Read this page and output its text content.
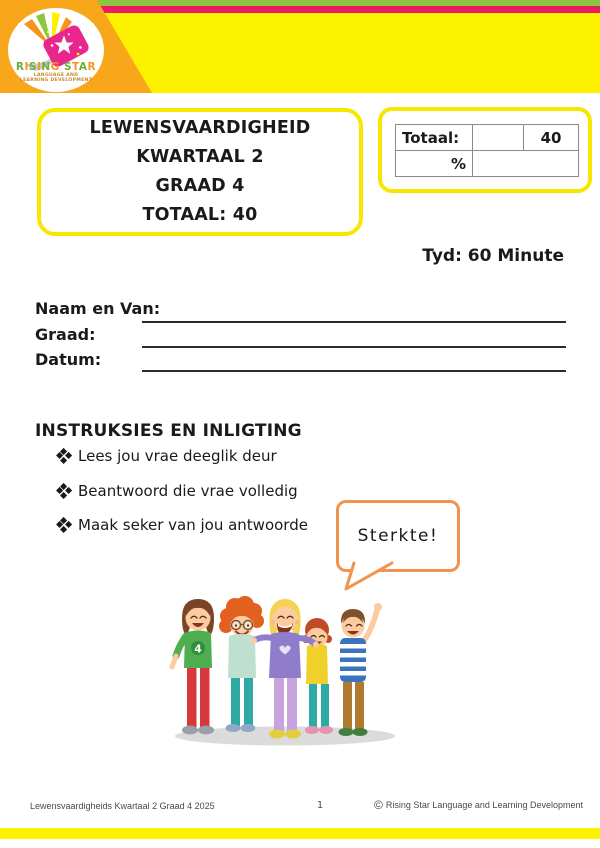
RISING STAR
LANGUAGE AND
LEARNING DEVELOPMENT
LEWENSVAARDIGHEID
KWARTAAL 2
GRAAD 4
TOTAAL: 40
Totaal:		40
%		
Tyd: 60 Minute
Naam en Van:
Graad:
Datum:
INSTRUKSIES EN INLIGTING
Lees jou vrae deeglik deur
Beantwoord die vrae volledig
Maak seker van jou antwoorde
Sterkte!
4
Lewensvaardigheids Kwartaal 2 Graad 4 2025	1	© Rising Star Language and Learning Development
